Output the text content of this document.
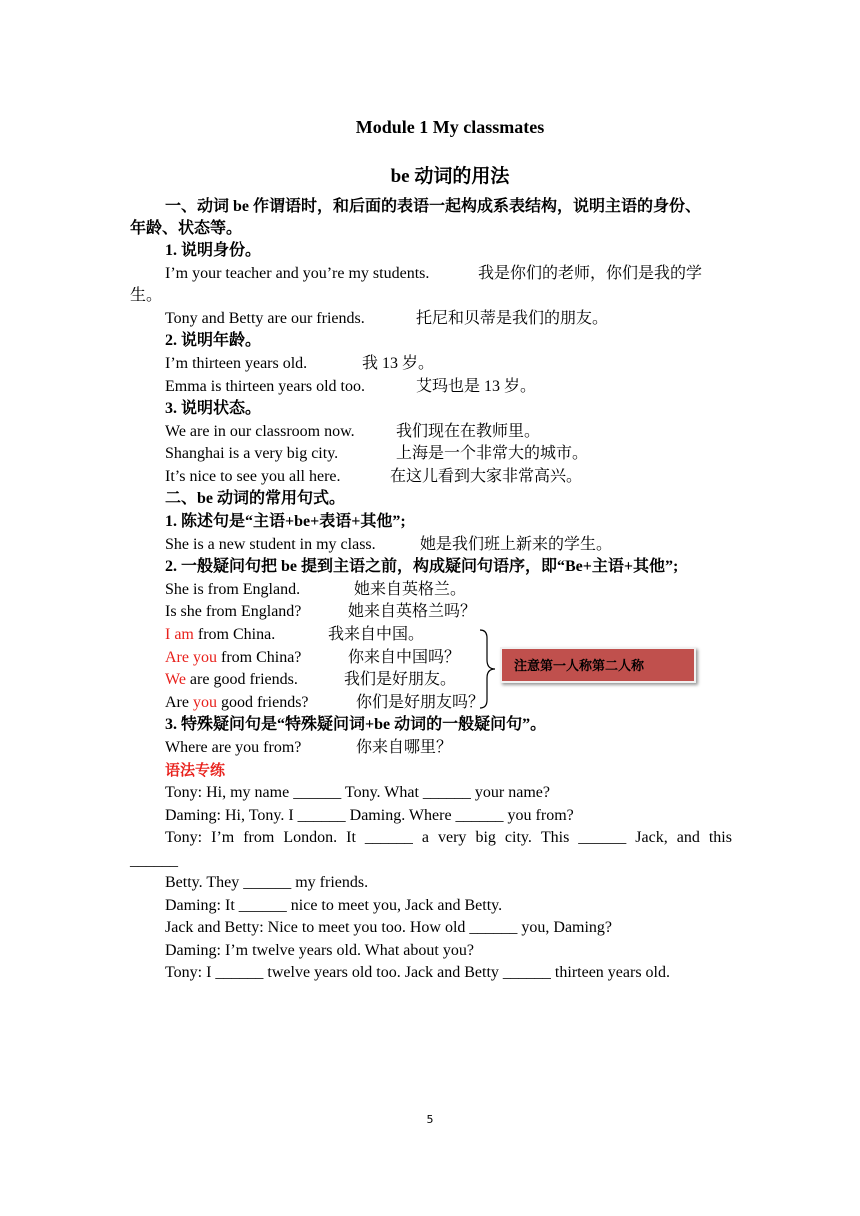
Module 1 My classmates
be 动词的用法
一、动词 be 作谓语时，和后面的表语一起构成系表结构，说明主语的身份、
年龄、状态等。
1. 说明身份。
I’m your teacher and you’re my students.	我是你们的老师，你们是我的学
生。
Tony and Betty are our friends.	托尼和贝蒂是我们的朋友。
2. 说明年龄。
I’m thirteen years old.	我 13 岁。
Emma is thirteen years old too.	艾玛也是 13 岁。
3. 说明状态。
We are in our classroom now.	我们现在在教师里。
Shanghai is a very big city.	上海是一个非常大的城市。
It’s nice to see you all here.	在这儿看到大家非常高兴。
二、be 动词的常用句式。
1. 陈述句是“主语+be+表语+其他”;
She is a new student in my class.	她是我们班上新来的学生。
2. 一般疑问句把 be 提到主语之前，构成疑问句语序，即“Be+主语+其他”;
She is from England.	她来自英格兰。
Is she from England?	她来自英格兰吗？
I am from China.	我来自中国。
Are you from China?	你来自中国吗？
We are good friends.	我们是好朋友。
Are you good friends?	你们是好朋友吗？
注意第一人称第二人称
3. 特殊疑问句是“特殊疑问词+be 动词的一般疑问句”。
Where are you from?	你来自哪里？
语法专练
Tony: Hi, my name ______ Tony. What ______ your name?
Daming: Hi, Tony. I ______ Daming. Where ______ you from?
Tony: I’m from London. It ______ a very big city. This ______ Jack, and this
______
Betty. They ______ my friends.
Daming: It ______ nice to meet you, Jack and Betty.
Jack and Betty: Nice to meet you too. How old ______ you, Daming?
Daming: I’m twelve years old. What about you?
Tony: I ______ twelve years old too. Jack and Betty ______ thirteen years old.
5
